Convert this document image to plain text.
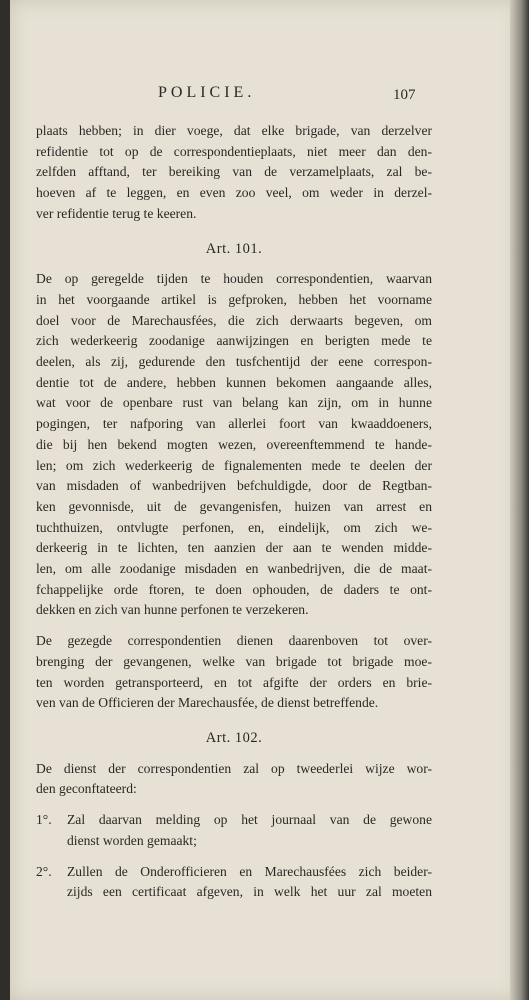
POLICIE.	107
plaats hebben; in dier voege, dat elke brigade, van derzelver
refidentie tot op de correspondentieplaats, niet meer dan den-
zelfden afftand, ter bereiking van de verzamelplaats, zal be-
hoeven af te leggen, en even zoo veel, om weder in derzel-
ver refidentie terug te keeren.
Art. 101.
De op geregelde tijden te houden correspondentien, waarvan
in het voorgaande artikel is gefproken, hebben het voorname
doel voor de Marechausfées, die zich derwaarts begeven, om
zich wederkeerig zoodanige aanwijzingen en berigten mede te
deelen, als zij, gedurende den tusfchentijd der eene correspon-
dentie tot de andere, hebben kunnen bekomen aangaande alles,
wat voor de openbare rust van belang kan zijn, om in hunne
pogingen, ter nafporing van allerlei foort van kwaaddoeners,
die bij hen bekend mogten wezen, overeenftemmend te hande-
len; om zich wederkeerig de fignalementen mede te deelen der
van misdaden of wanbedrijven befchuldigde, door de Regtban-
ken gevonnisde, uit de gevangenisfen, huizen van arrest en
tuchthuizen, ontvlugte perfonen, en, eindelijk, om zich we-
derkeerig in te lichten, ten aanzien der aan te wenden midde-
len, om alle zoodanige misdaden en wanbedrijven, die de maat-
fchappelijke orde ftoren, te doen ophouden, de daders te ont-
dekken en zich van hunne perfonen te verzekeren.
De gezegde correspondentien dienen daarenboven tot over-
brenging der gevangenen, welke van brigade tot brigade moe-
ten worden getransporteerd, en tot afgifte der orders en brie-
ven van de Officieren der Marechausfée, de dienst betreffende.
Art. 102.
De dienst der correspondentien zal op tweederlei wijze wor-
den geconftateerd:
1°. Zal daarvan melding op het journaal van de gewone
dienst worden gemaakt;
2°. Zullen de Onderofficieren en Marechausfées zich beider-
zijds een certificaat afgeven, in welk het uur zal moeten
